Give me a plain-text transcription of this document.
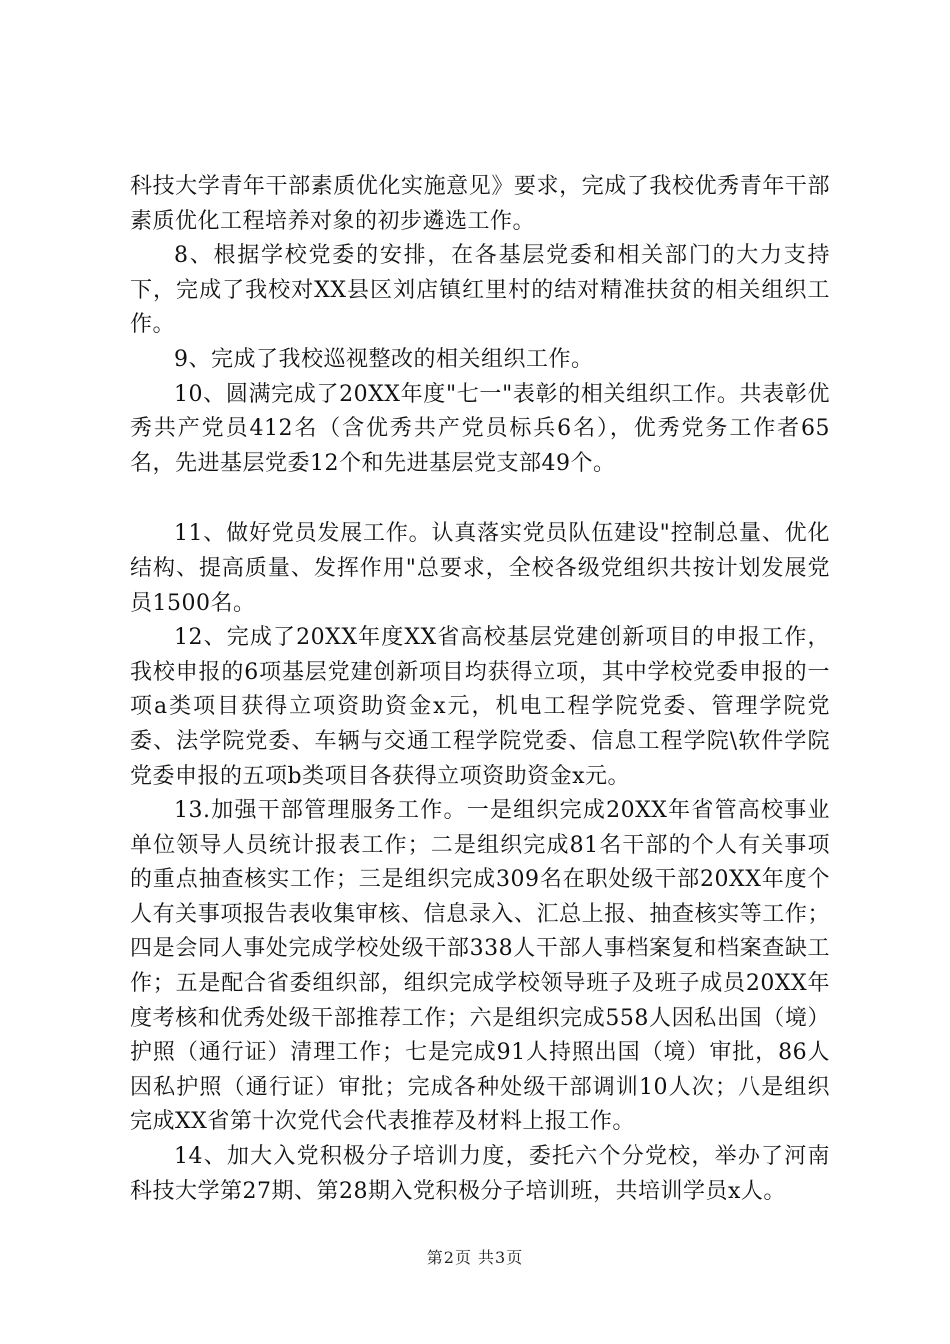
科技大学青年干部素质优化实施意见》要求，完成了我校优秀青年干部素质优化工程培养对象的初步遴选工作。

8、根据学校党委的安排，在各基层党委和相关部门的大力支持下，完成了我校对XX县区刘店镇红里村的结对精准扶贫的相关组织工作。

9、完成了我校巡视整改的相关组织工作。

10、圆满完成了20XX年度"七一"表彰的相关组织工作。共表彰优秀共产党员412名（含优秀共产党员标兵6名），优秀党务工作者65名，先进基层党委12个和先进基层党支部49个。

11、做好党员发展工作。认真落实党员队伍建设"控制总量、优化结构、提高质量、发挥作用"总要求，全校各级党组织共按计划发展党员1500名。

12、完成了20XX年度XX省高校基层党建创新项目的申报工作，我校申报的6项基层党建创新项目均获得立项，其中学校党委申报的一项a类项目获得立项资助资金x元，机电工程学院党委、管理学院党委、法学院党委、车辆与交通工程学院党委、信息工程学院\软件学院党委申报的五项b类项目各获得立项资助资金x元。

13.加强干部管理服务工作。一是组织完成20XX年省管高校事业单位领导人员统计报表工作；二是组织完成81名干部的个人有关事项的重点抽查核实工作；三是组织完成309名在职处级干部20XX年度个人有关事项报告表收集审核、信息录入、汇总上报、抽查核实等工作；四是会同人事处完成学校处级干部338人干部人事档案复和档案查缺工作；五是配合省委组织部，组织完成学校领导班子及班子成员20XX年度考核和优秀处级干部推荐工作；六是组织完成558人因私出国（境）护照（通行证）清理工作；七是完成91人持照出国（境）审批，86人因私护照（通行证）审批；完成各种处级干部调训10人次；八是组织完成XX省第十次党代会代表推荐及材料上报工作。

14、加大入党积极分子培训力度，委托六个分党校，举办了河南科技大学第27期、第28期入党积极分子培训班，共培训学员x人。

第2页 共3页
